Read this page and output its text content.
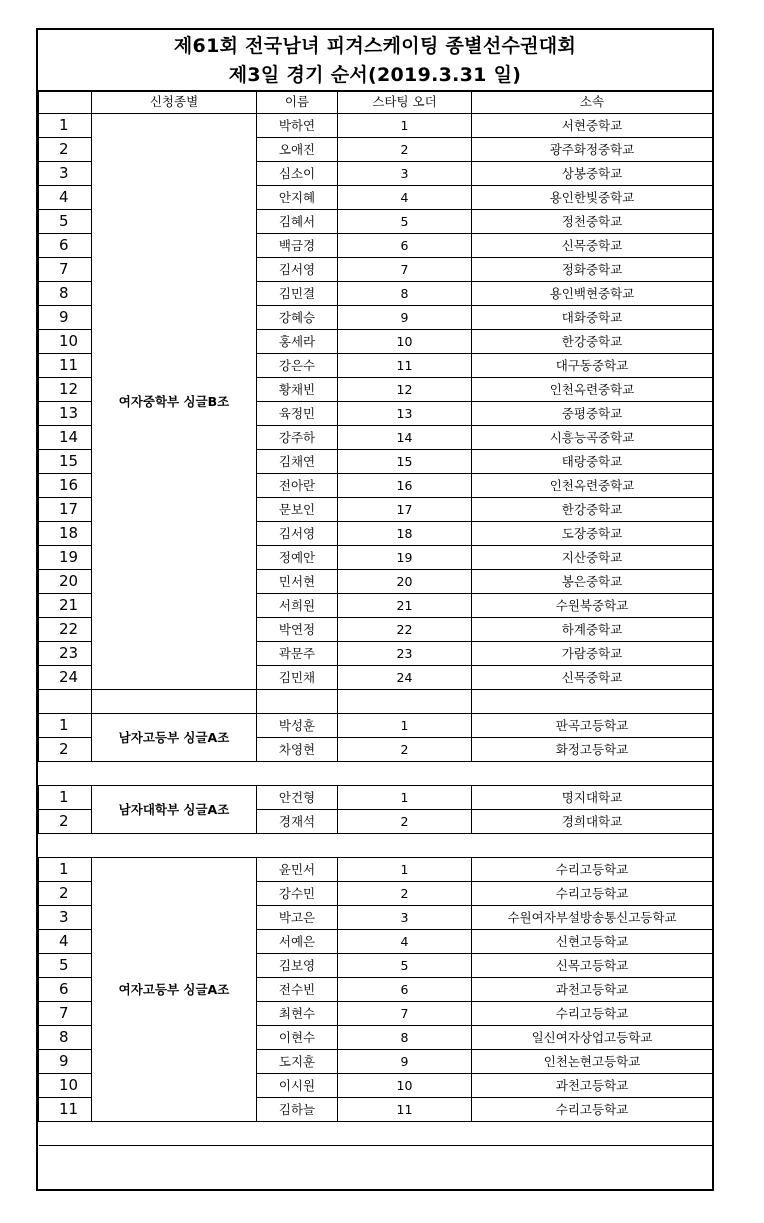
제61회 전국남녀 피겨스케이팅 종별선수권대회
제3일 경기 순서(2019.3.31 일)
	신청종별	이름	스타팅 오더	소속
1	여자중학부 싱글B조	박하연	1	서현중학교
2		오애진	2	광주화정중학교
3		심소이	3	상봉중학교
4		안지혜	4	용인한빛중학교
5		김혜서	5	정천중학교
6		백금경	6	신목중학교
7		김서영	7	정화중학교
8		김민결	8	용인백현중학교
9		강혜승	9	대화중학교
10		홍세라	10	한강중학교
11		강은수	11	대구동중학교
12		황채빈	12	인천옥련중학교
13		육정민	13	중평중학교
14		강주하	14	시흥능곡중학교
15		김채연	15	태랑중학교
16		전아란	16	인천옥련중학교
17		문보인	17	한강중학교
18		김서영	18	도장중학교
19		정예안	19	지산중학교
20		민서현	20	봉은중학교
21		서희원	21	수원북중학교
22		박연정	22	하계중학교
23		곽문주	23	가람중학교
24		김민채	24	신목중학교

1	남자고등부 싱글A조	박성훈	1	판곡고등학교
2		차영현	2	화정고등학교

1	남자대학부 싱글A조	안건형	1	명지대학교
2		경재석	2	경희대학교

1	여자고등부 싱글A조	윤민서	1	수리고등학교
2		강수민	2	수리고등학교
3		박고은	3	수원여자부설방송통신고등학교
4		서예은	4	신현고등학교
5		김보영	5	신목고등학교
6		전수빈	6	과천고등학교
7		최현수	7	수리고등학교
8		이현수	8	일신여자상업고등학교
9		도지훈	9	인천논현고등학교
10		이시원	10	과천고등학교
11		김하늘	11	수리고등학교
